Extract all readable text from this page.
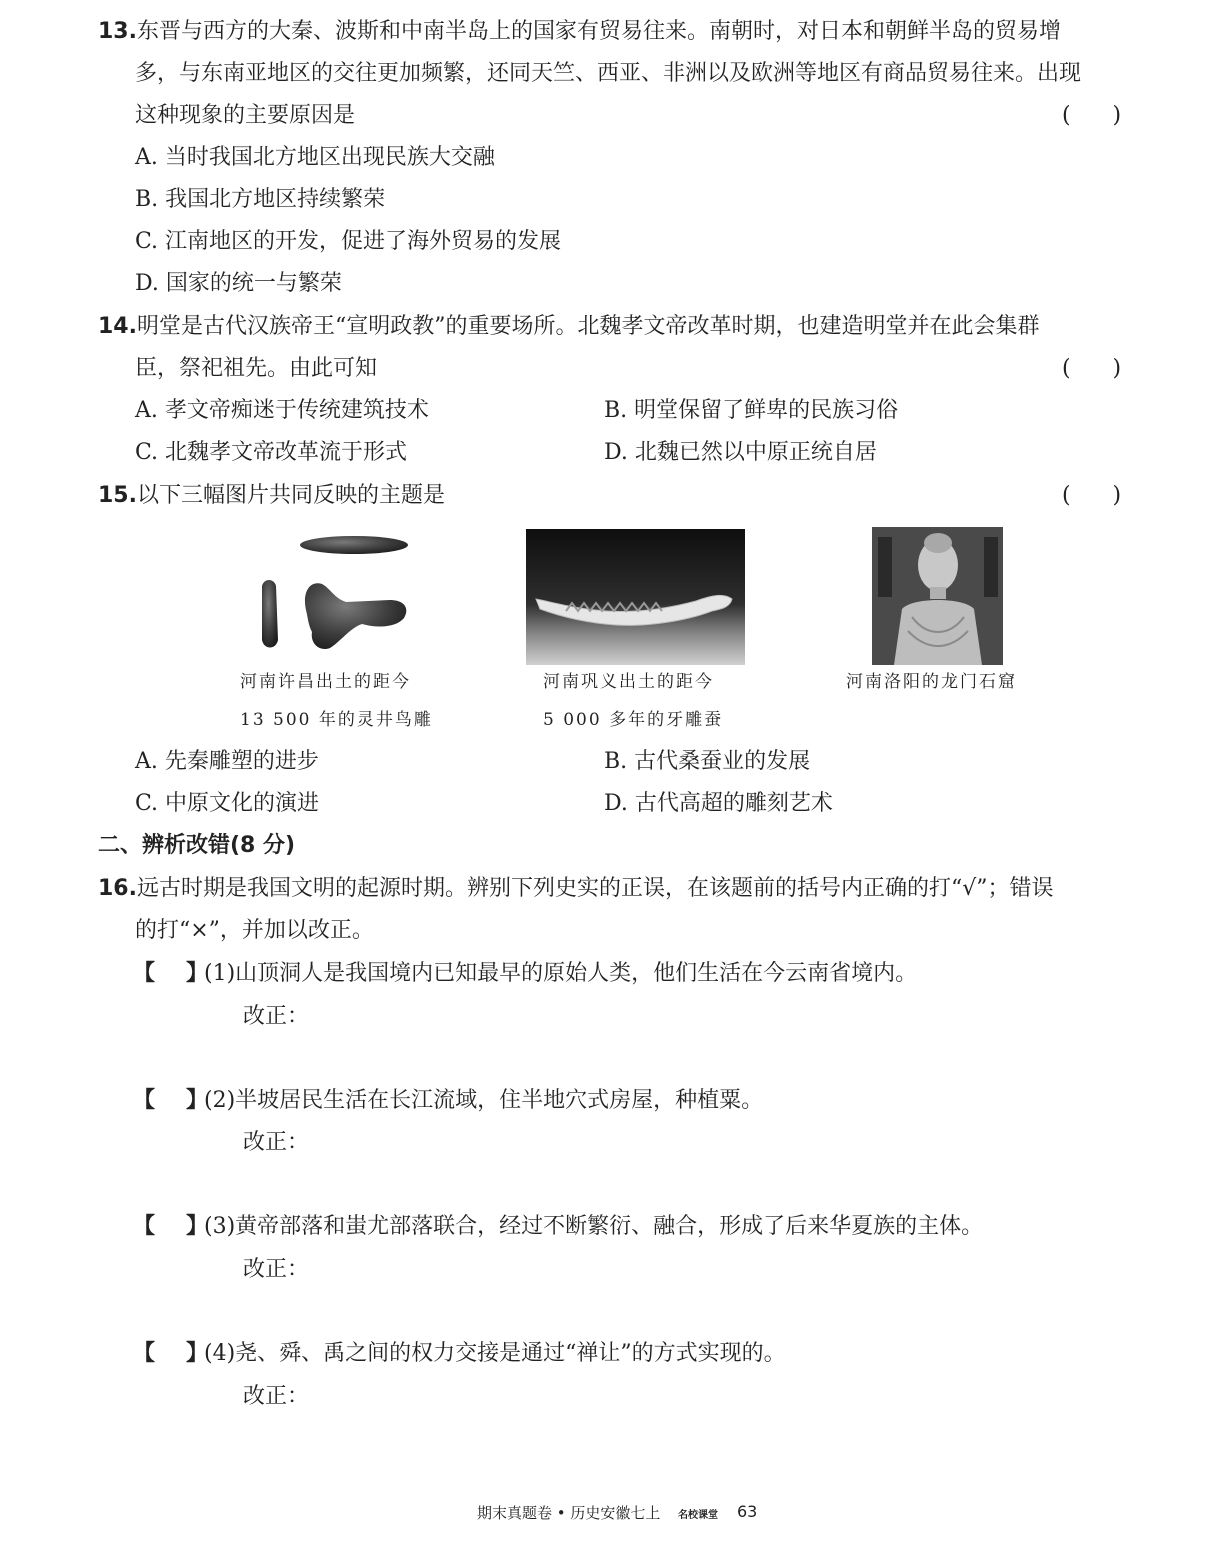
13.东晋与西方的大秦、波斯和中南半岛上的国家有贸易往来。南朝时，对日本和朝鲜半岛的贸易增
多，与东南亚地区的交往更加频繁，还同天竺、西亚、非洲以及欧洲等地区有商品贸易往来。出现
这种现象的主要原因是	(      )
A. 当时我国北方地区出现民族大交融
B. 我国北方地区持续繁荣
C. 江南地区的开发，促进了海外贸易的发展
D. 国家的统一与繁荣
14.明堂是古代汉族帝王“宣明政教”的重要场所。北魏孝文帝改革时期，也建造明堂并在此会集群
臣，祭祀祖先。由此可知	(      )
A. 孝文帝痴迷于传统建筑技术	B. 明堂保留了鲜卑的民族习俗
C. 北魏孝文帝改革流于形式	D. 北魏已然以中原正统自居
15.以下三幅图片共同反映的主题是	(      )
河南许昌出土的距今
13 500 年的灵井鸟雕
河南巩义出土的距今
5 000 多年的牙雕蚕
河南洛阳的龙门石窟
A. 先秦雕塑的进步	B. 古代桑蚕业的发展
C. 中原文化的演进	D. 古代高超的雕刻艺术
二、辨析改错(8 分)
16.远古时期是我国文明的起源时期。辨别下列史实的正误，在该题前的括号内正确的打“√”；错误
的打“×”，并加以改正。
【 】
(1)山顶洞人是我国境内已知最早的原始人类，他们生活在今云南省境内。
改正：
【 】
(2)半坡居民生活在长江流域，住半地穴式房屋，种植粟。
改正：
【 】
(3)黄帝部落和蚩尤部落联合，经过不断繁衍、融合，形成了后来华夏族的主体。
改正：
【 】
(4)尧、舜、禹之间的权力交接是通过“禅让”的方式实现的。
改正：
期末真题卷 • 历史安徽七上 名校课堂 63
